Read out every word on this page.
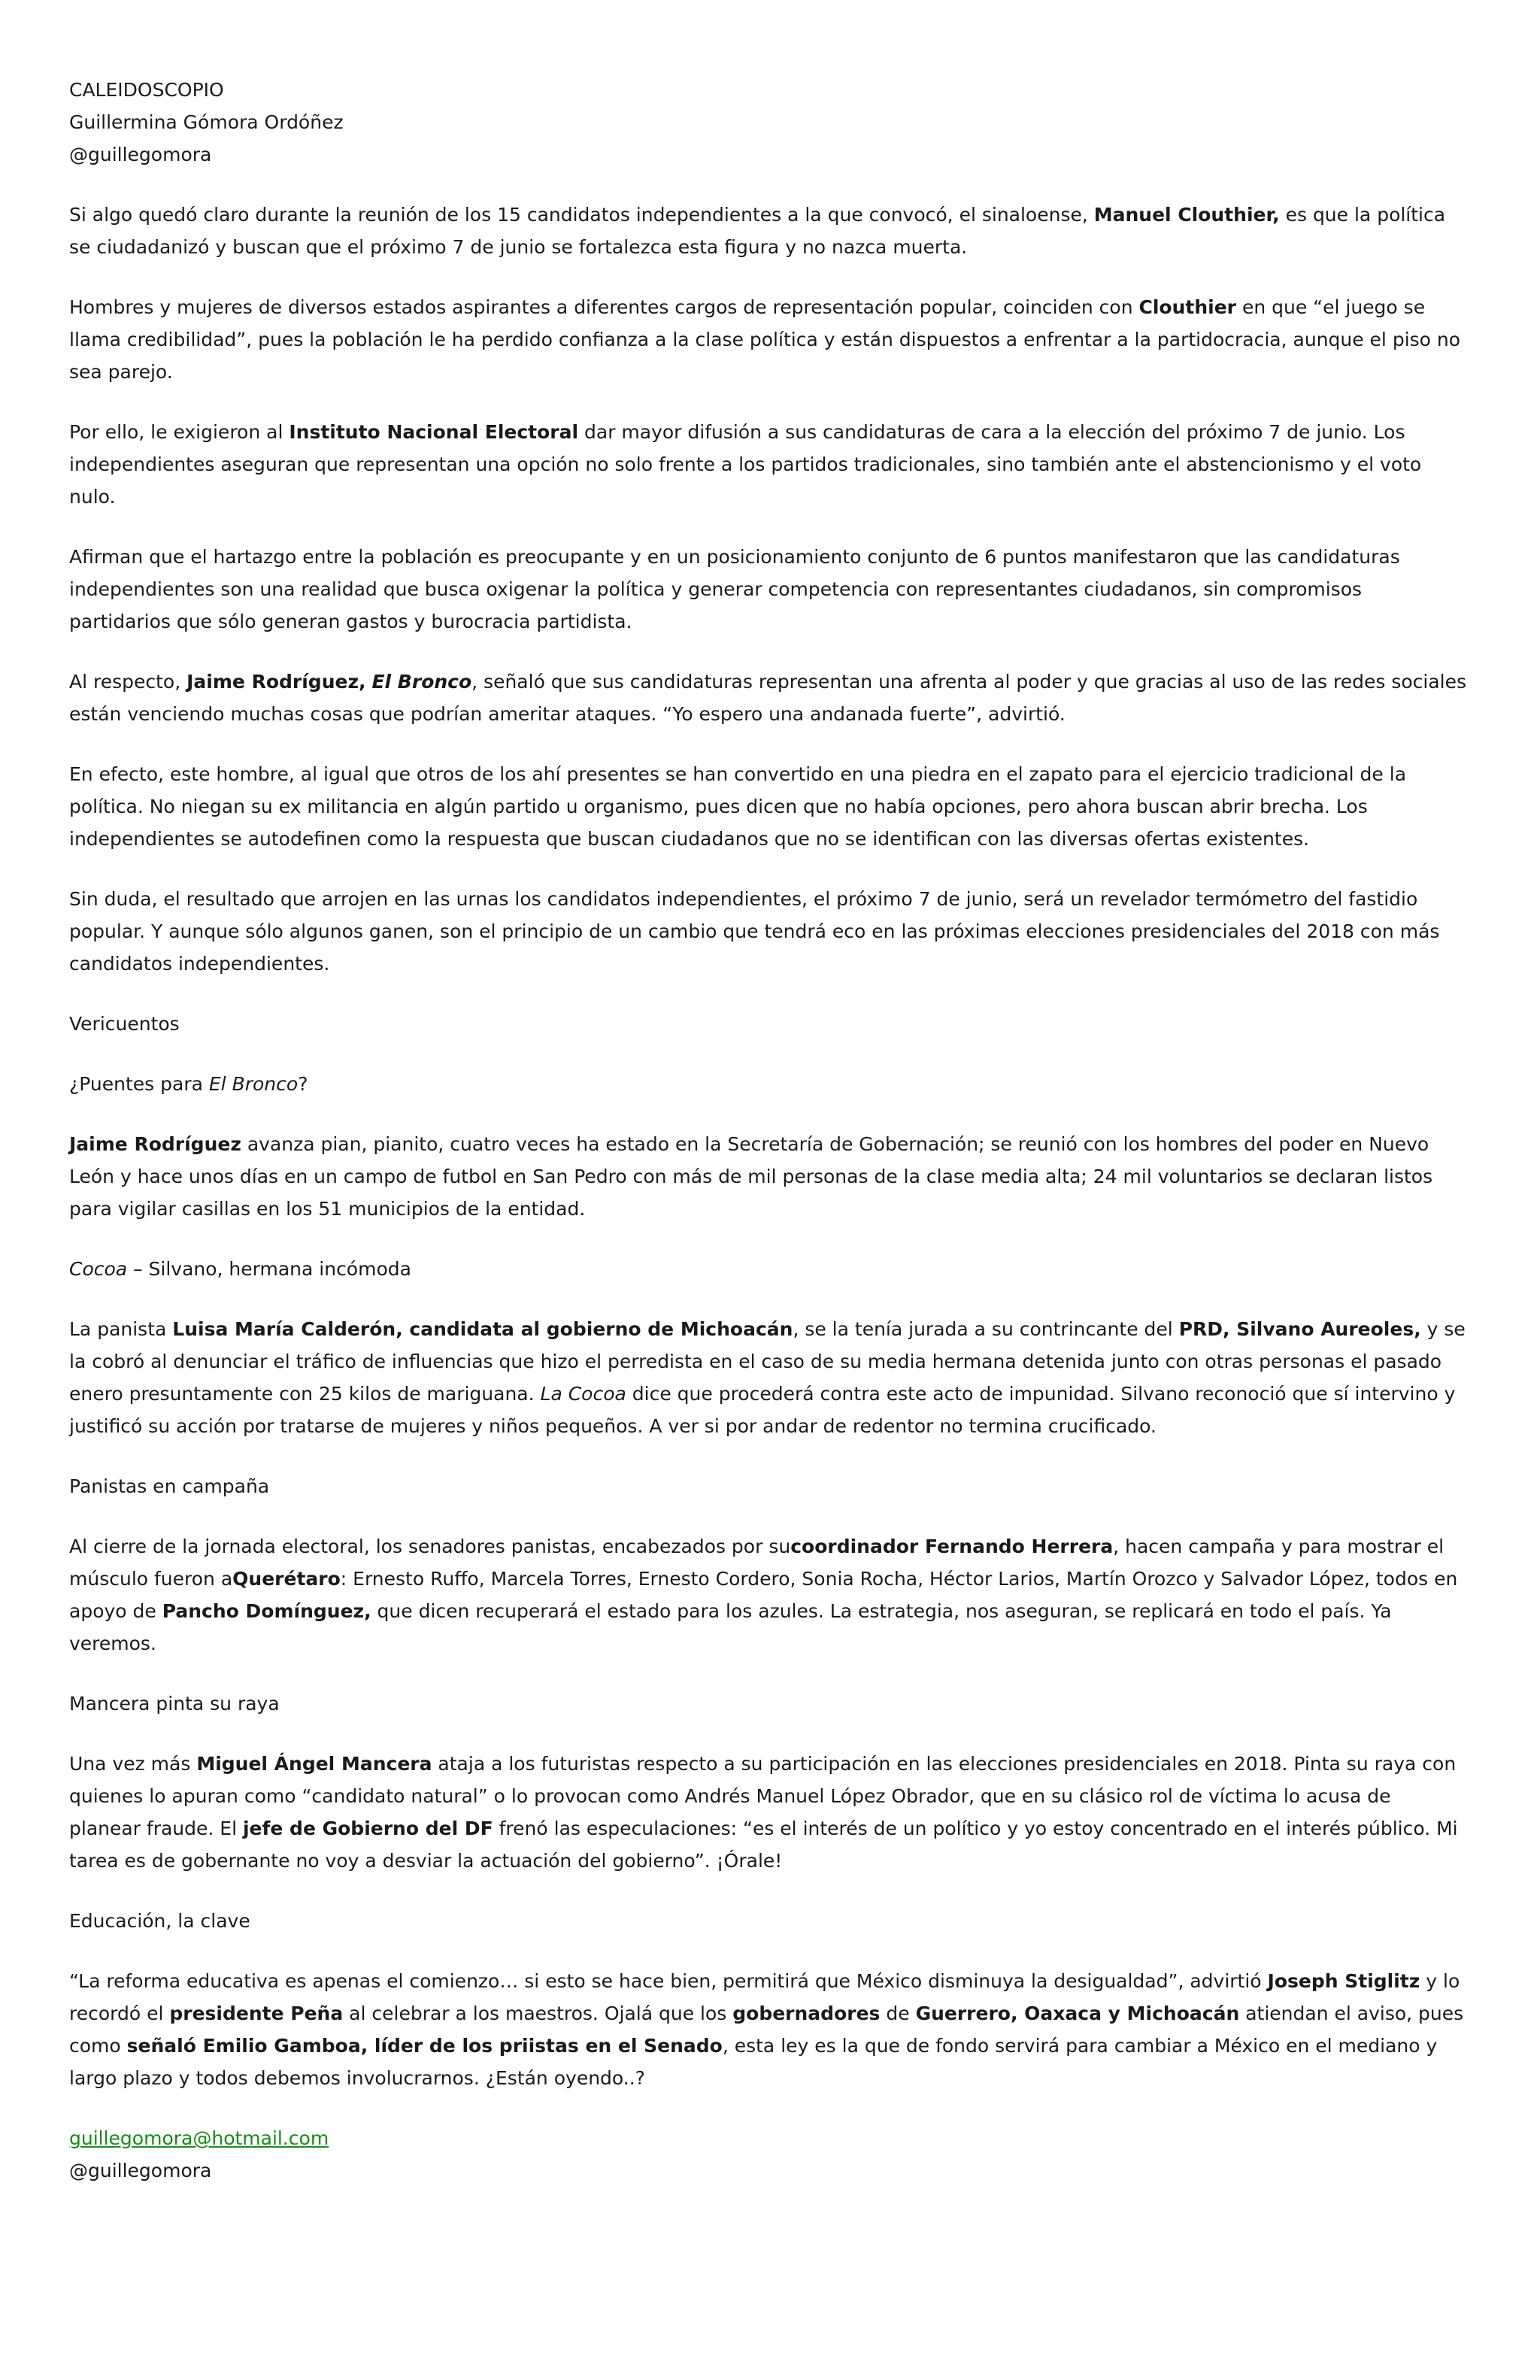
CALEIDOSCOPIO
Guillermina Gómora Ordóñez
@guillegomora

Si algo quedó claro durante la reunión de los 15 candidatos independientes a la que convocó, el sinaloense, Manuel Clouthier, es que la política se ciudadanizó y buscan que el próximo 7 de junio se fortalezca esta figura y no nazca muerta.

Hombres y mujeres de diversos estados aspirantes a diferentes cargos de representación popular, coinciden con Clouthier en que “el juego se llama credibilidad”, pues la población le ha perdido confianza a la clase política y están dispuestos a enfrentar a la partidocracia, aunque el piso no sea parejo.

Por ello, le exigieron al Instituto Nacional Electoral dar mayor difusión a sus candidaturas de cara a la elección del próximo 7 de junio. Los independientes aseguran que representan una opción no solo frente a los partidos tradicionales, sino también ante el abstencionismo y el voto nulo.

Afirman que el hartazgo entre la población es preocupante y en un posicionamiento conjunto de 6 puntos manifestaron que las candidaturas independientes son una realidad que busca oxigenar la política y generar competencia con representantes ciudadanos, sin compromisos partidarios que sólo generan gastos y burocracia partidista.

Al respecto, Jaime Rodríguez, El Bronco, señaló que sus candidaturas representan una afrenta al poder y que gracias al uso de las redes sociales están venciendo muchas cosas que podrían ameritar ataques. “Yo espero una andanada fuerte”, advirtió.

En efecto, este hombre, al igual que otros de los ahí presentes se han convertido en una piedra en el zapato para el ejercicio tradicional de la política. No niegan su ex militancia en algún partido u organismo, pues dicen que no había opciones, pero ahora buscan abrir brecha. Los independientes se autodefinen como la respuesta que buscan ciudadanos que no se identifican con las diversas ofertas existentes.

Sin duda, el resultado que arrojen en las urnas los candidatos independientes, el próximo 7 de junio, será un revelador termómetro del fastidio popular. Y aunque sólo algunos ganen, son el principio de un cambio que tendrá eco en las próximas elecciones presidenciales del 2018 con más candidatos independientes.

Vericuentos

¿Puentes para El Bronco?

Jaime Rodríguez avanza pian, pianito, cuatro veces ha estado en la Secretaría de Gobernación; se reunió con los hombres del poder en Nuevo León y hace unos días en un campo de futbol en San Pedro con más de mil personas de la clase media alta; 24 mil voluntarios se declaran listos para vigilar casillas en los 51 municipios de la entidad.

Cocoa – Silvano, hermana incómoda

La panista Luisa María Calderón, candidata al gobierno de Michoacán, se la tenía jurada a su contrincante del PRD, Silvano Aureoles, y se la cobró al denunciar el tráfico de influencias que hizo el perredista en el caso de su media hermana detenida junto con otras personas el pasado enero presuntamente con 25 kilos de mariguana. La Cocoa dice que procederá contra este acto de impunidad. Silvano reconoció que sí intervino y justificó su acción por tratarse de mujeres y niños pequeños. A ver si por andar de redentor no termina crucificado.

Panistas en campaña

Al cierre de la jornada electoral, los senadores panistas, encabezados por sucoordinador Fernando Herrera, hacen campaña y para mostrar el músculo fueron aQuerétaro: Ernesto Ruffo, Marcela Torres, Ernesto Cordero, Sonia Rocha, Héctor Larios, Martín Orozco y Salvador López, todos en apoyo de Pancho Domínguez, que dicen recuperará el estado para los azules. La estrategia, nos aseguran, se replicará en todo el país. Ya veremos.

Mancera pinta su raya

Una vez más Miguel Ángel Mancera ataja a los futuristas respecto a su participación en las elecciones presidenciales en 2018. Pinta su raya con quienes lo apuran como “candidato natural” o lo provocan como Andrés Manuel López Obrador, que en su clásico rol de víctima lo acusa de planear fraude. El jefe de Gobierno del DF frenó las especulaciones: “es el interés de un político y yo estoy concentrado en el interés público. Mi tarea es de gobernante no voy a desviar la actuación del gobierno”. ¡Órale!

Educación, la clave

“La reforma educativa es apenas el comienzo… si esto se hace bien, permitirá que México disminuya la desigualdad”, advirtió Joseph Stiglitz y lo recordó el presidente Peña al celebrar a los maestros. Ojalá que los gobernadores de Guerrero, Oaxaca y Michoacán atiendan el aviso, pues como señaló Emilio Gamboa, líder de los priistas en el Senado, esta ley es la que de fondo servirá para cambiar a México en el mediano y largo plazo y todos debemos involucrarnos. ¿Están oyendo..?

guillegomora@hotmail.com
@guillegomora
